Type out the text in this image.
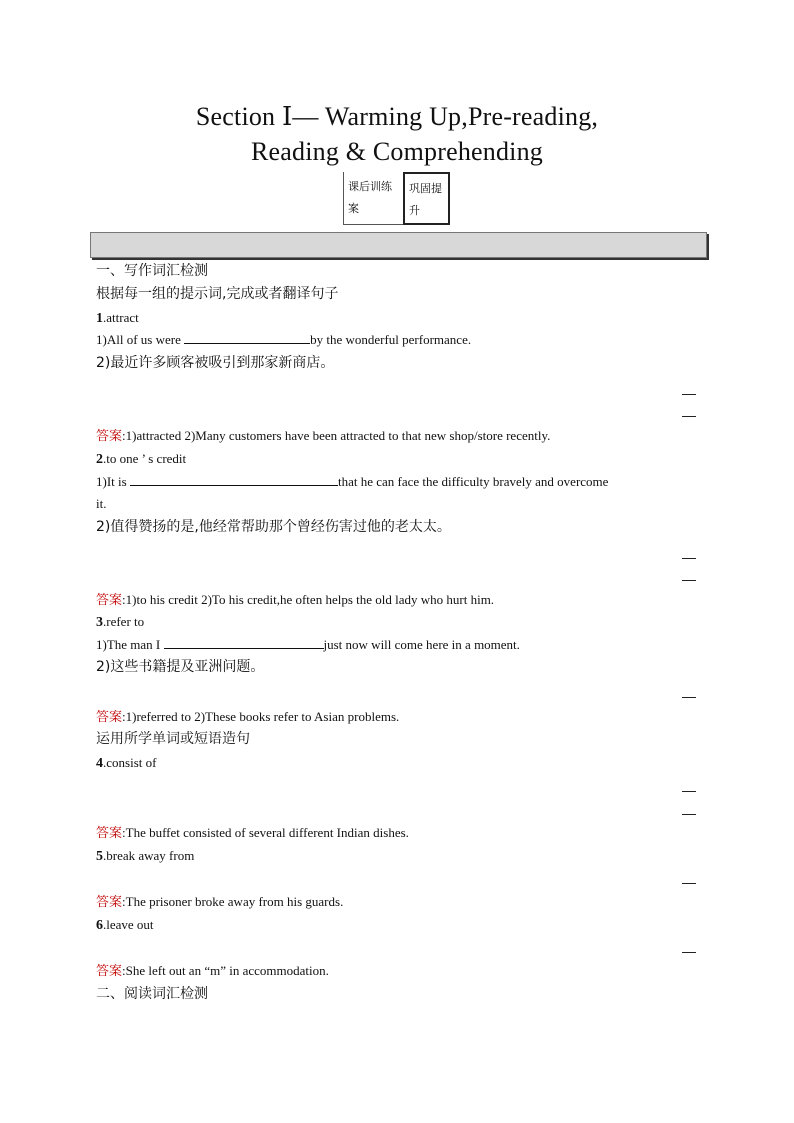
Section Ⅰ— Warming Up,Pre-reading,
Reading & Comprehending
课后训练案
巩固提升
一、写作词汇检测
根据每一组的提示词,完成或者翻译句子
1.attract
1)All of us were	by the wonderful performance.
2)最近许多顾客被吸引到那家新商店。
答案:1)attracted 2)Many customers have been attracted to that new shop/store recently.
2.to one ’ s credit
1)It is	that he can face the difficulty bravely and overcome
it.
2)值得赞扬的是,他经常帮助那个曾经伤害过他的老太太。
答案:1)to his credit 2)To his credit,he often helps the old lady who hurt him.
3.refer to
1)The man I	just now will come here in a moment.
2)这些书籍提及亚洲问题。
答案:1)referred to 2)These books refer to Asian problems.
运用所学单词或短语造句
4.consist of
答案:The buffet consisted of several different Indian dishes.
5.break away from
答案:The prisoner broke away from his guards.
6.leave out
答案:She left out an “m” in accommodation.
二、阅读词汇检测
